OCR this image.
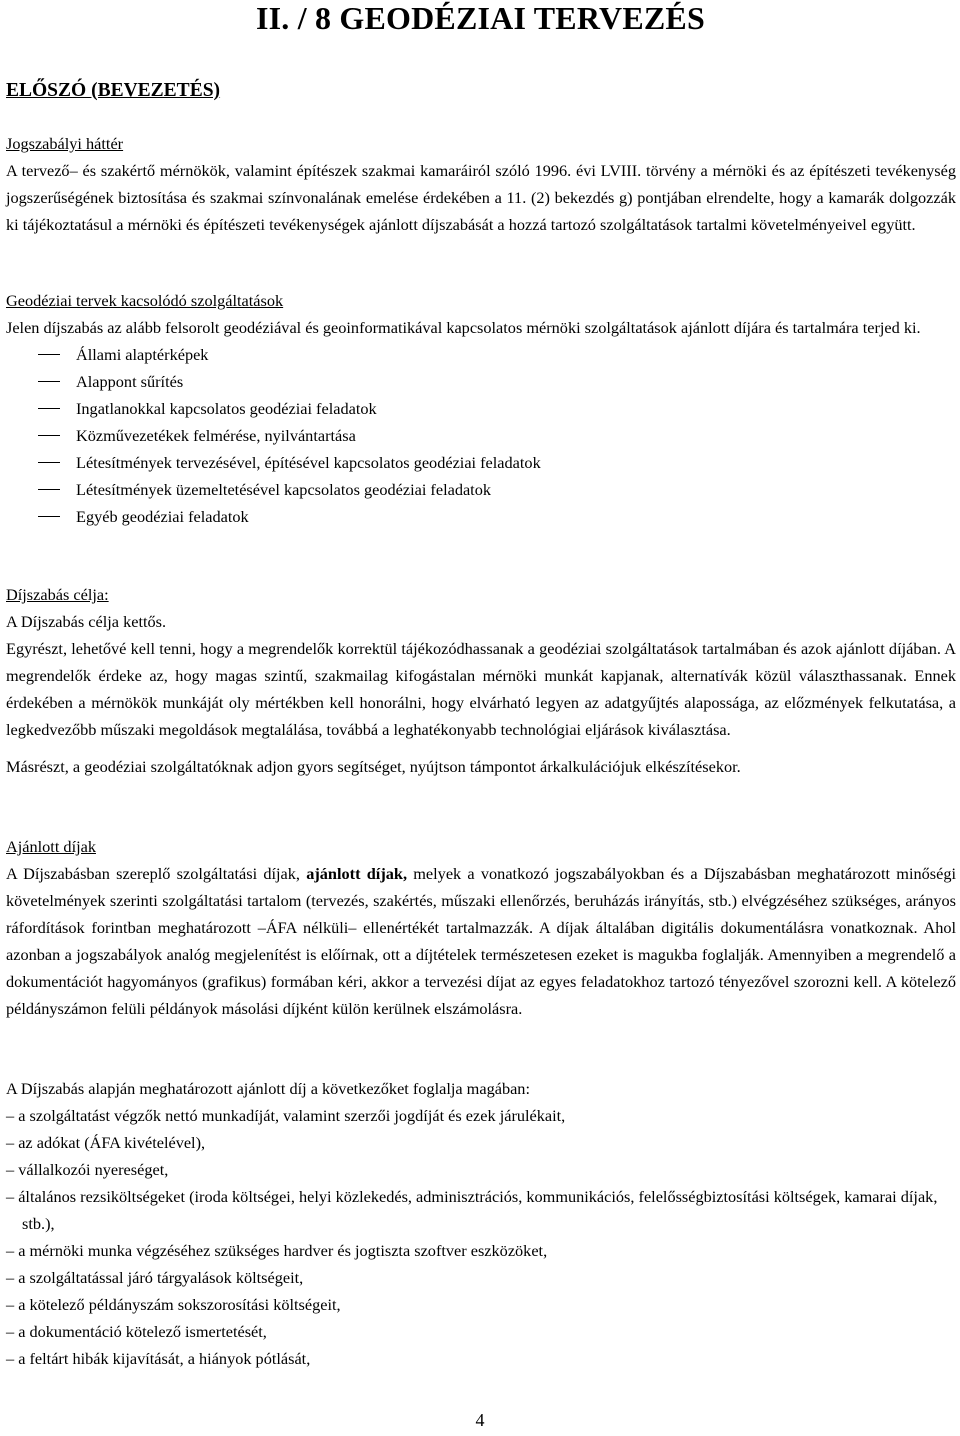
II. / 8 GEODÉZIAI TERVEZÉS
ELŐSZÓ (BEVEZETÉS)

Jogszabályi háttér

A tervező– és szakértő mérnökök, valamint építészek szakmai kamaráiról szóló 1996. évi LVIII. törvény a mérnöki és az építészeti tevékenység jogszerűségének biztosítása és szakmai színvonalának emelése érdekében a 11. (2) bekezdés g) pontjában elrendelte, hogy a kamarák dolgozzák ki tájékoztatásul a mérnöki és építészeti tevékenységek ajánlott díjszabását a hozzá tartozó szolgáltatások tartalmi követelményeivel együtt.

Geodéziai tervek kacsolódó szolgáltatások

Jelen díjszabás az alább felsorolt geodéziával és geoinformatikával kapcsolatos mérnöki szolgáltatások ajánlott díjára és tartalmára terjed ki.

Állami alaptérképek
Alappont sűrítés
Ingatlanokkal kapcsolatos geodéziai feladatok
Közművezetékek felmérése, nyilvántartása
Létesítmények tervezésével, építésével kapcsolatos geodéziai feladatok
Létesítmények üzemeltetésével kapcsolatos geodéziai feladatok
Egyéb geodéziai feladatok

Díjszabás célja:

A Díjszabás célja kettős.

Egyrészt, lehetővé kell tenni, hogy a megrendelők korrektül tájékozódhassanak a geodéziai szolgáltatások tartalmában és azok ajánlott díjában. A megrendelők érdeke az, hogy magas szintű, szakmailag kifogástalan mérnöki munkát kapjanak, alternatívák közül választhassanak. Ennek érdekében a mérnökök munkáját oly mértékben kell honorálni, hogy elvárható legyen az adatgyűjtés alapossága, az előzmények felkutatása, a legkedvezőbb műszaki megoldások megtalálása, továbbá a leghatékonyabb technológiai eljárások kiválasztása.

Másrészt, a geodéziai szolgáltatóknak adjon gyors segítséget, nyújtson támpontot árkalkulációjuk elkészítésekor.

Ajánlott díjak

A Díjszabásban szereplő szolgáltatási díjak, ajánlott díjak, melyek a vonatkozó jogszabályokban és a Díjszabásban meghatározott minőségi követelmények szerinti szolgáltatási tartalom (tervezés, szakértés, műszaki ellenőrzés, beruházás irányítás, stb.) elvégzéséhez szükséges, arányos ráfordítások forintban meghatározott –ÁFA nélküli– ellenértékét tartalmazzák. A díjak általában digitális dokumentálásra vonatkoznak. Ahol azonban a jogszabályok analóg megjelenítést is előírnak, ott a díjtételek természetesen ezeket is magukba foglalják. Amennyiben a megrendelő a dokumentációt hagyományos (grafikus) formában kéri, akkor a tervezési díjat az egyes feladatokhoz tartozó tényezővel szorozni kell. A kötelező példányszámon felüli példányok másolási díjként külön kerülnek elszámolásra.

A Díjszabás alapján meghatározott ajánlott díj a következőket foglalja magában:

– a szolgáltatást végzők nettó munkadíját, valamint szerzői jogdíját és ezek járulékait,
– az adókat (ÁFA kivételével),
– vállalkozói nyereséget,
– általános rezsiköltségeket (iroda költségei, helyi közlekedés, adminisztrációs, kommunikációs, felelősségbiztosítási költségek, kamarai díjak, stb.),
– a mérnöki munka végzéséhez szükséges hardver és jogtiszta szoftver eszközöket,
– a szolgáltatással járó tárgyalások költségeit,
– a kötelező példányszám sokszorosítási költségeit,
– a dokumentáció kötelező ismertetését,
– a feltárt hibák kijavítását, a hiányok pótlását,
4
